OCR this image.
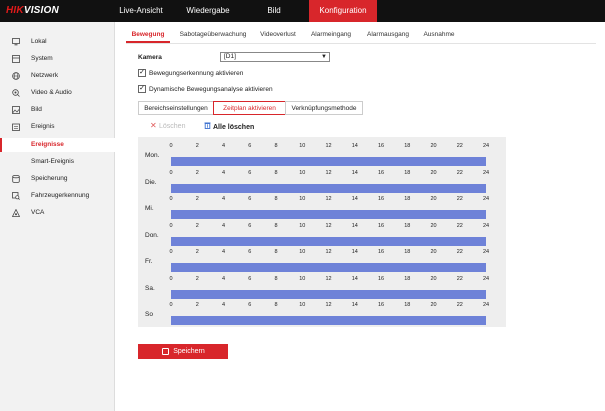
HIKVISION	Live-Ansicht	Wiedergabe	Bild	Konfiguration
Lokal
System
Netzwerk
Video & Audio
Bild
Ereignis
Ereignisse
Smart-Ereignis
Speicherung
Fahrzeugerkennung
VCA
Bewegung	Sabotageüberwachung	Videoverlust	Alarmeingang	Alarmausgang	Ausnahme
Kamera	[D1]	▼
✓ Bewegungserkennung aktivieren
✓ Dynamische Bewegungsanalyse aktivieren
Bereichseinstellungen	Zeitplan aktivieren	Verknüpfungsmethode
✕ Löschen	Alle löschen
Mon.
0	2	4	6	8	10	12	14	16	18	20	22	24
Die.
0	2	4	6	8	10	12	14	16	18	20	22	24
Mi.
0	2	4	6	8	10	12	14	16	18	20	22	24
Don.
0	2	4	6	8	10	12	14	16	18	20	22	24
Fr.
0	2	4	6	8	10	12	14	16	18	20	22	24
Sa.
0	2	4	6	8	10	12	14	16	18	20	22	24
So
0	2	4	6	8	10	12	14	16	18	20	22	24
Speichern
